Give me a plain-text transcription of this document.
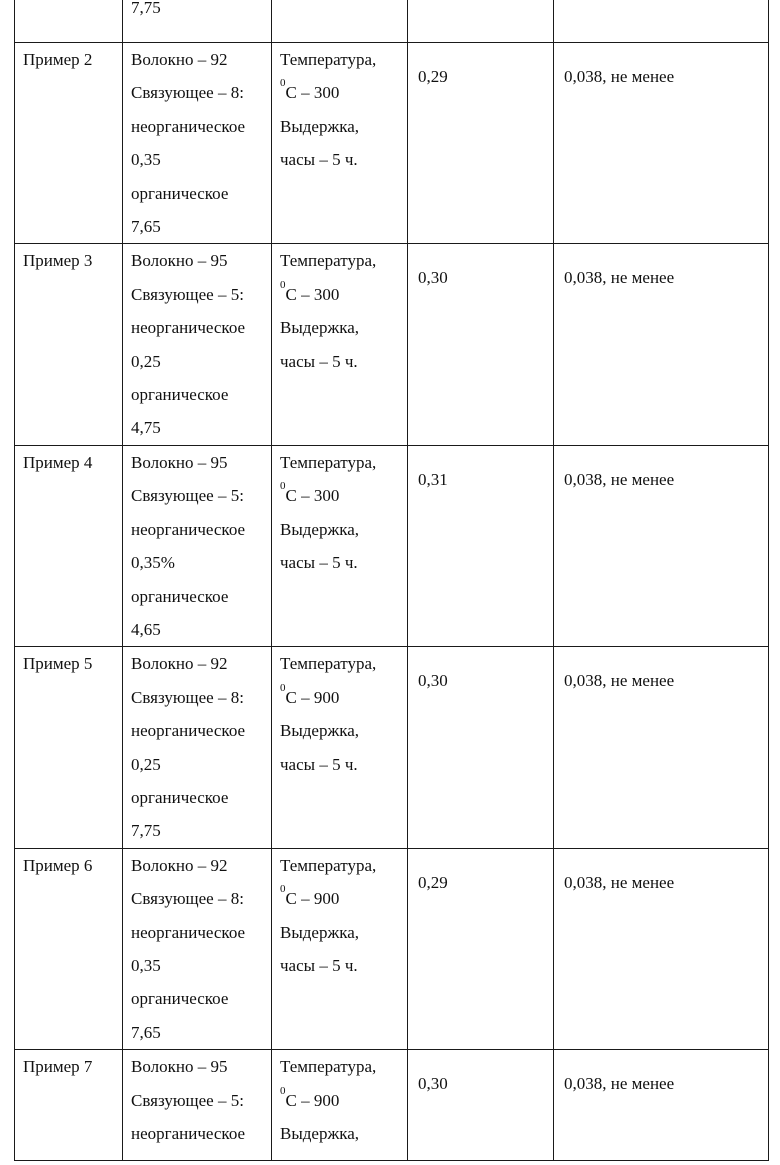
7,75

Пример 2	Волокно – 92
Связующее – 8:
неорганическое
0,35
органическое
7,65

Температура,
0C – 300
Выдержка,
часы – 5 ч.

0,29	0,038, не менее

Пример 3	Волокно – 95
Связующее – 5:
неорганическое
0,25
органическое
4,75

Температура,
0C – 300
Выдержка,
часы – 5 ч.

0,30	0,038, не менее

Пример 4	Волокно – 95
Связующее – 5:
неорганическое
0,35%
органическое
4,65

Температура,
0C – 300
Выдержка,
часы – 5 ч.

0,31	0,038, не менее

Пример 5	Волокно – 92
Связующее – 8:
неорганическое
0,25
органическое
7,75

Температура,
0C – 900
Выдержка,
часы – 5 ч.

0,30	0,038, не менее

Пример 6	Волокно – 92
Связующее – 8:
неорганическое
0,35
органическое
7,65

Температура,
0C – 900
Выдержка,
часы – 5 ч.

0,29	0,038, не менее

Пример 7	Волокно – 95
Связующее – 5:
неорганическое

Температура,
0C – 900
Выдержка,

0,30	0,038, не менее
